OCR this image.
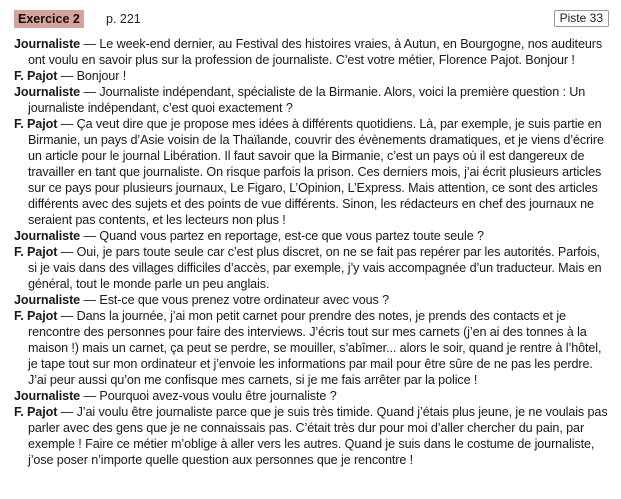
Exercice 2	p. 221	Piste 33

Journaliste — Le week-end dernier, au Festival des histoires vraies, à Autun, en Bourgogne, nos auditeurs ont voulu en savoir plus sur la profession de journaliste. C’est votre métier, Florence Pajot. Bonjour !

F. Pajot — Bonjour !

Journaliste — Journaliste indépendant, spécialiste de la Birmanie. Alors, voici la première question : Un journaliste indépendant, c’est quoi exactement ?

F. Pajot — Ça veut dire que je propose mes idées à différents quotidiens. Là, par exemple, je suis partie en Birmanie, un pays d’Asie voisin de la Thaïlande, couvrir des évènements dramatiques, et je viens d’écrire un article pour le journal Libération. Il faut savoir que la Birmanie, c’est un pays où il est dangereux de travailler en tant que journaliste. On risque parfois la prison. Ces derniers mois, j’ai écrit plusieurs articles sur ce pays pour plusieurs journaux, Le Figaro, L’Opinion, L’Express. Mais attention, ce sont des articles différents avec des sujets et des points de vue différents. Sinon, les rédacteurs en chef des journaux ne seraient pas contents, et les lecteurs non plus !

Journaliste — Quand vous partez en reportage, est-ce que vous partez toute seule ?

F. Pajot — Oui, je pars toute seule car c’est plus discret, on ne se fait pas repérer par les autorités. Parfois, si je vais dans des villages difficiles d’accès, par exemple, j’y vais accompagnée d’un traducteur. Mais en général, tout le monde parle un peu anglais.

Journaliste — Est-ce que vous prenez votre ordinateur avec vous ?

F. Pajot — Dans la journée, j’ai mon petit carnet pour prendre des notes, je prends des contacts et je rencontre des personnes pour faire des interviews. J’écris tout sur mes carnets (j’en ai des tonnes à la maison !) mais un carnet, ça peut se perdre, se mouiller, s’abîmer... alors le soir, quand je rentre à l’hôtel, je tape tout sur mon ordinateur et j’envoie les informations par mail pour être sûre de ne pas les perdre. J’ai peur aussi qu’on me confisque mes carnets, si je me fais arrêter par la police !

Journaliste — Pourquoi avez-vous voulu être journaliste ?

F. Pajot — J’ai voulu être journaliste parce que je suis très timide. Quand j’étais plus jeune, je ne voulais pas parler avec des gens que je ne connaissais pas. C’était très dur pour moi d’aller chercher du pain, par exemple ! Faire ce métier m’oblige à aller vers les autres. Quand je suis dans le costume de journaliste, j’ose poser n’importe quelle question aux personnes que je rencontre !
